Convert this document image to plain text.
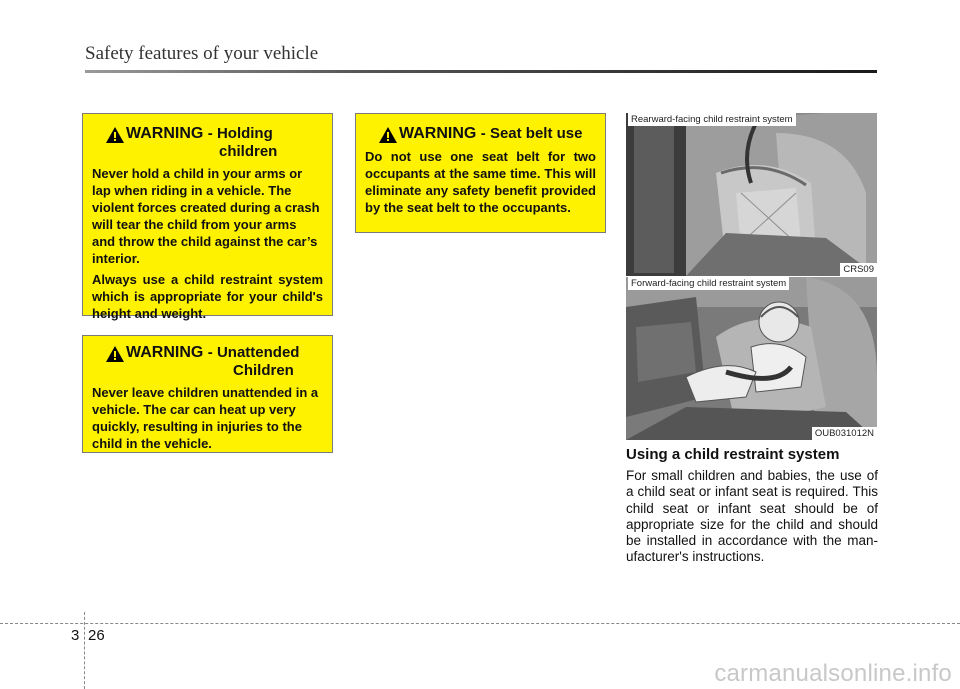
Safety features of your vehicle
WARNING - Holding
children

Never hold a child in your arms or lap when riding in a vehicle. The violent forces created during a crash will tear the child from your arms and throw the child against the car’s interior.

Always use a child restraint system which is appropriate for your child's height and weight.

WARNING - Unattended
Children

Never leave children unattended in a vehicle. The car can heat up very quickly, resulting in injuries to the child in the vehicle.

WARNING - Seat belt use

Do not use one seat belt for two occupants at the same time. This will eliminate any safety benefit provided by the seat belt to the occupants.

Rearward-facing child restraint system
CRS09
Forward-facing child restraint system
OUB031012N
Using a child restraint system
For small children and babies, the use of a child seat or infant seat is required. This child seat or infant seat should be of appropriate size for the child and should be installed in accordance with the man-ufacturer's instructions.
3 26
carmanualsonline.info
